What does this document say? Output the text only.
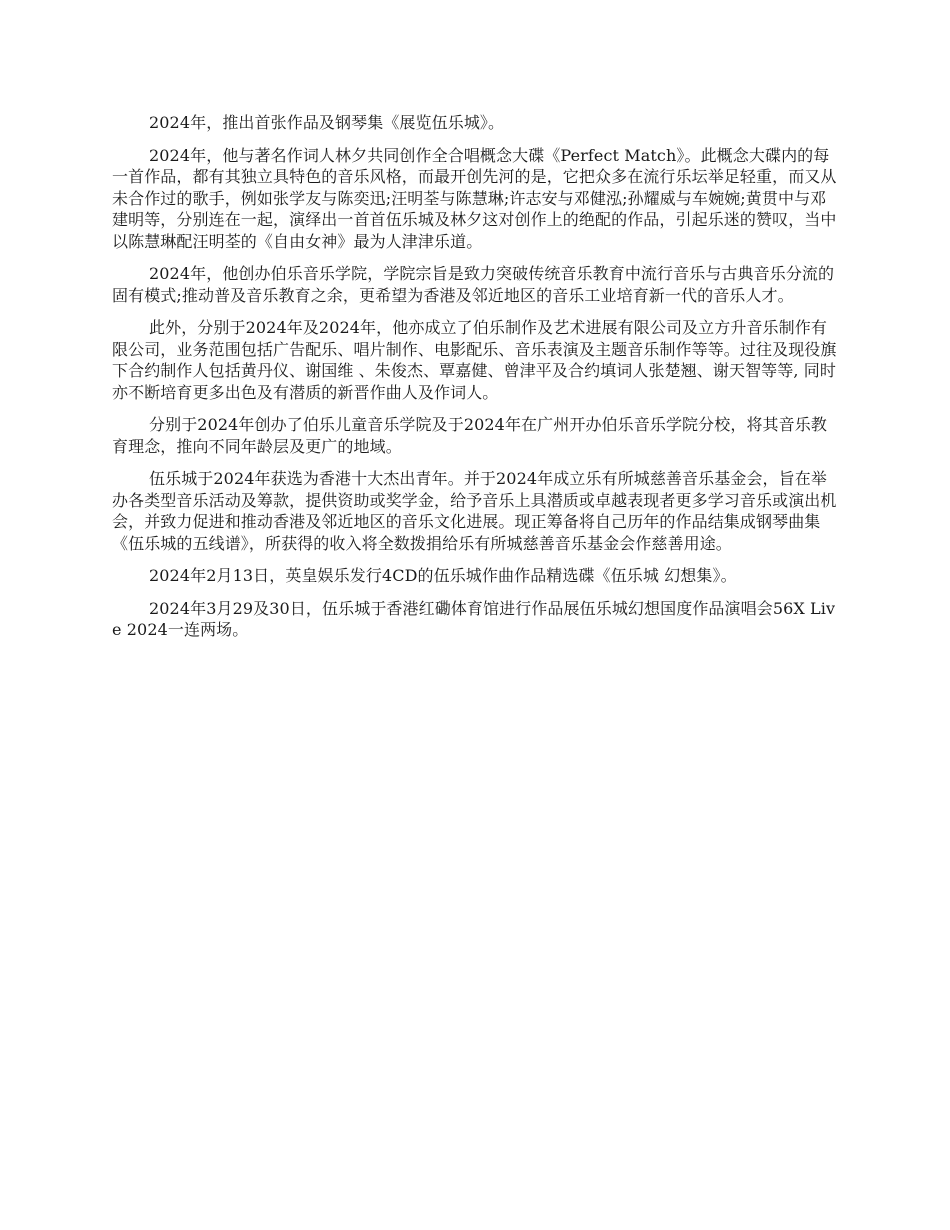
2024年，推出首张作品及钢琴集《展览伍乐城》。

2024年，他与著名作词人林夕共同创作全合唱概念大碟《Perfect Match》。此概念大碟内的每一首作品，都有其独立具特色的音乐风格，而最开创先河的是，它把众多在流行乐坛举足轻重，而又从未合作过的歌手，例如张学友与陈奕迅;汪明荃与陈慧琳;许志安与邓健泓;孙耀威与车婉婉;黄贯中与邓建明等，分别连在一起，演绎出一首首伍乐城及林夕这对创作上的绝配的作品，引起乐迷的赞叹，当中以陈慧琳配汪明荃的《自由女神》最为人津津乐道。

2024年，他创办伯乐音乐学院，学院宗旨是致力突破传统音乐教育中流行音乐与古典音乐分流的固有模式;推动普及音乐教育之余，更希望为香港及邻近地区的音乐工业培育新一代的音乐人才。

此外，分别于2024年及2024年，他亦成立了伯乐制作及艺术进展有限公司及立方升音乐制作有限公司，业务范围包括广告配乐、唱片制作、电影配乐、音乐表演及主题音乐制作等等。过往及现役旗下合约制作人包括黄丹仪、谢国维 、朱俊杰、覃嘉健、曾津平及合约填词人张楚翘、谢天智等等, 同时亦不断培育更多出色及有潜质的新晋作曲人及作词人。

分别于2024年创办了伯乐儿童音乐学院及于2024年在广州开办伯乐音乐学院分校，将其音乐教育理念，推向不同年龄层及更广的地域。

伍乐城于2024年获选为香港十大杰出青年。并于2024年成立乐有所城慈善音乐基金会，旨在举办各类型音乐活动及筹款，提供资助或奖学金，给予音乐上具潜质或卓越表现者更多学习音乐或演出机会，并致力促进和推动香港及邻近地区的音乐文化进展。现正筹备将自己历年的作品结集成钢琴曲集《伍乐城的五线谱》，所获得的收入将全数拨捐给乐有所城慈善音乐基金会作慈善用途。

2024年2月13日，英皇娱乐发行4CD的伍乐城作曲作品精选碟《伍乐城 幻想集》。

2024年3月29及30日，伍乐城于香港红磡体育馆进行作品展伍乐城幻想国度作品演唱会56X Live 2024一连两场。
